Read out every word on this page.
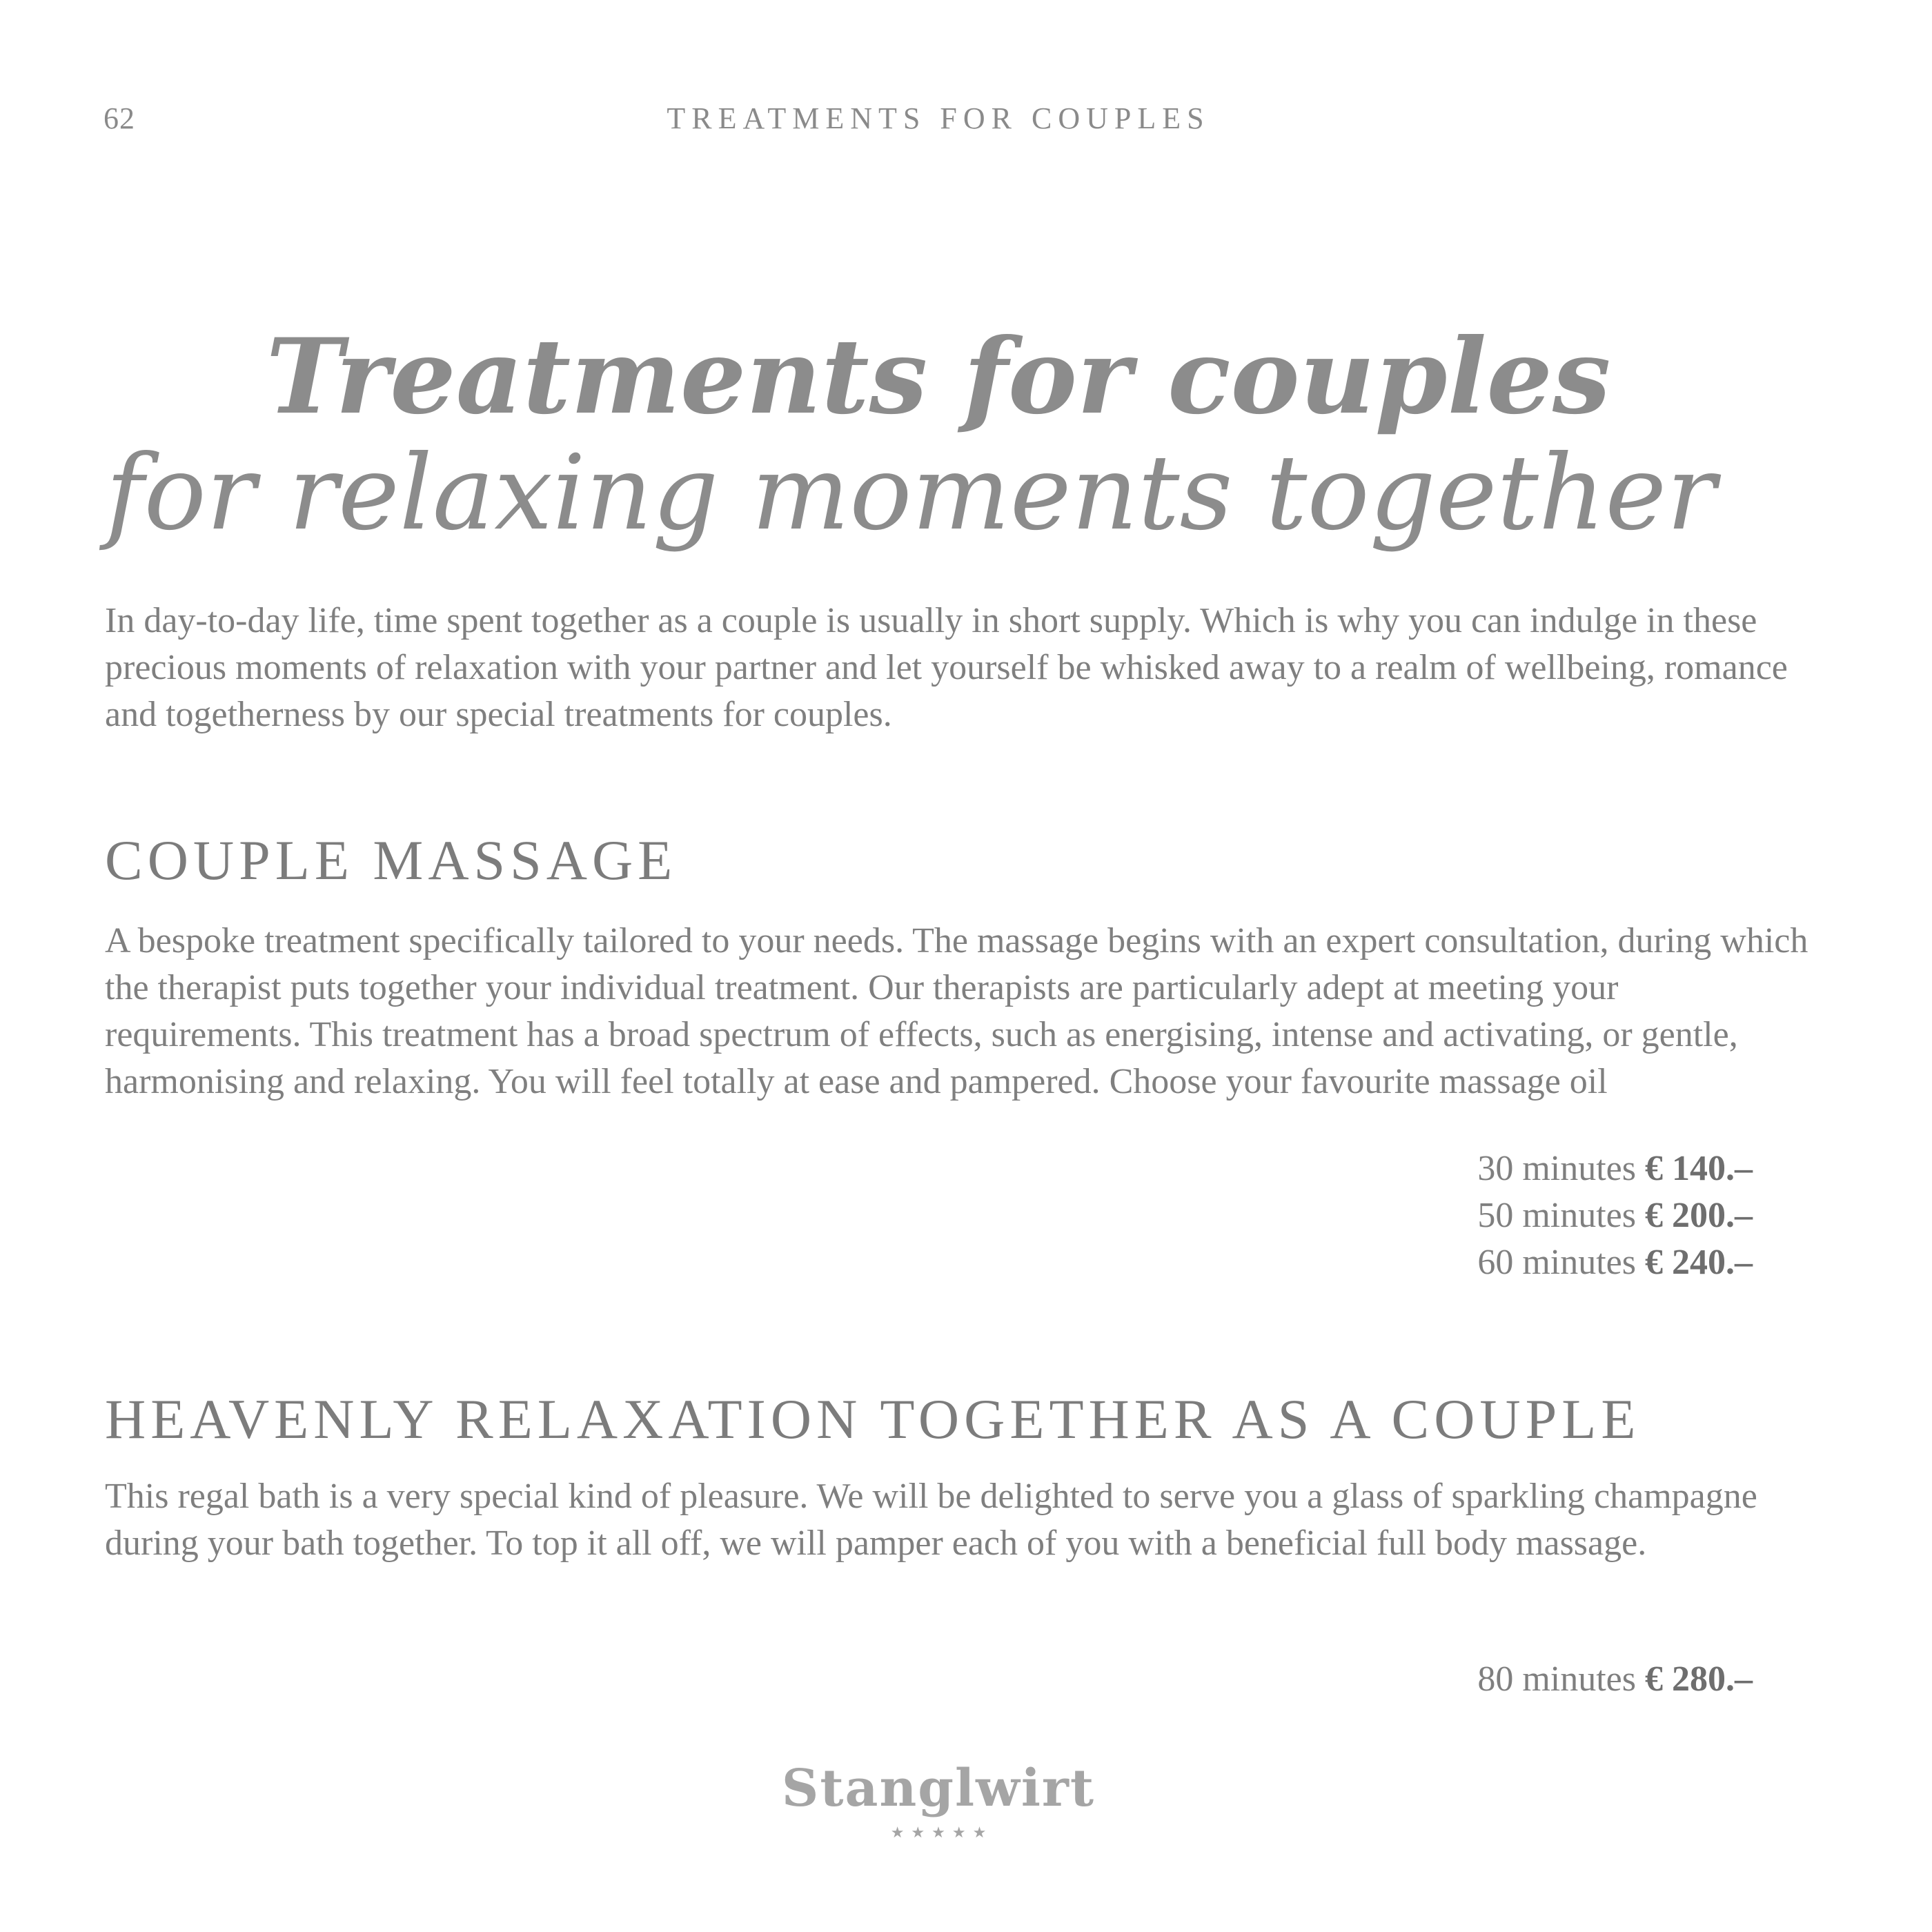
62	TREATMENTS FOR COUPLES
Treatments for couples
for relaxing moments together

In day-to-day life, time spent together as a couple is usually in short supply. Which is why you can indulge in these precious moments of relaxation with your partner and let yourself be whisked away to a realm of wellbeing, romance and togetherness by our special treatments for couples.

COUPLE MASSAGE

A bespoke treatment specifically tailored to your needs. The massage begins with an expert consultation, during which the therapist puts together your individual treatment. Our therapists are particularly adept at meeting your requirements. This treatment has a broad spectrum of effects, such as energising, intense and activating, or gentle, harmonising and relaxing. You will feel totally at ease and pampered. Choose your favourite massage oil

30 minutes € 140.–
50 minutes € 200.–
60 minutes € 240.–
HEAVENLY RELAXATION TOGETHER AS A COUPLE

This regal bath is a very special kind of pleasure. We will be delighted to serve you a glass of sparkling champagne during your bath together. To top it all off, we will pamper each of you with a beneficial full body massage.

80 minutes € 280.–
Stanglwirt
★★★★★
